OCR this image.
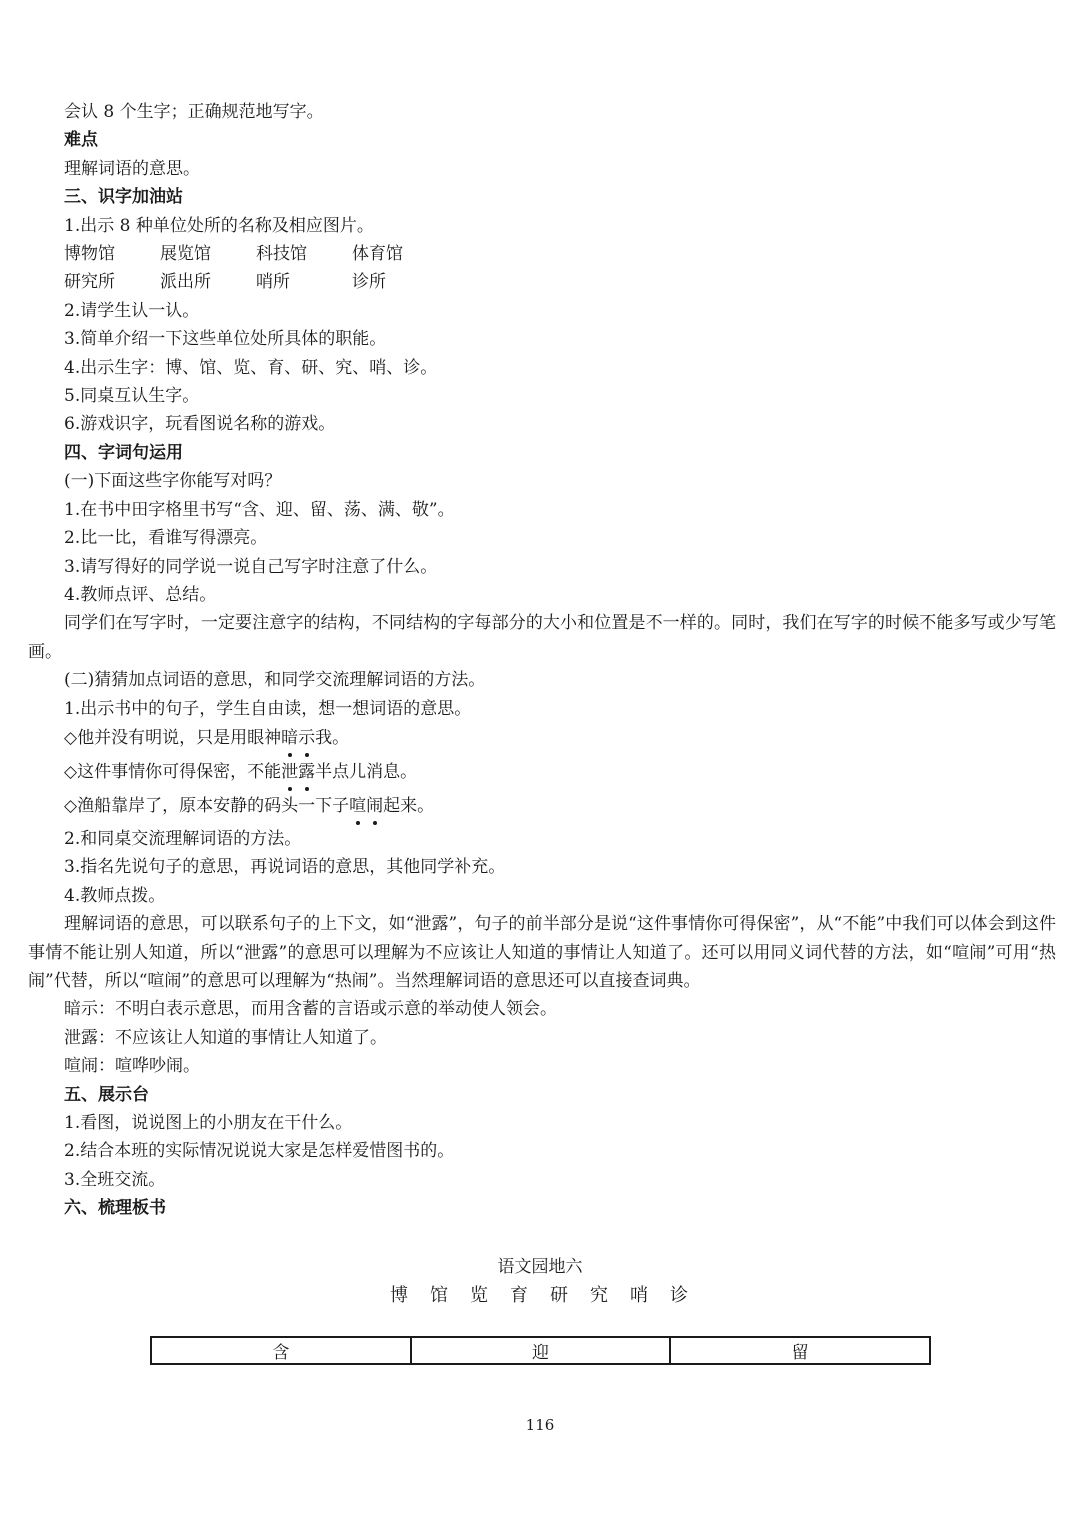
会认 8 个生字；正确规范地写字。
难点
理解词语的意思。
三、识字加油站
1.出示 8 种单位处所的名称及相应图片。
博物馆	展览馆	科技馆	体育馆
研究所	派出所	哨所	诊所
2.请学生认一认。
3.简单介绍一下这些单位处所具体的职能。
4.出示生字：博、馆、览、育、研、究、哨、诊。
5.同桌互认生字。
6.游戏识字，玩看图说名称的游戏。
四、字词句运用
(一)下面这些字你能写对吗？
1.在书中田字格里书写“含、迎、留、荡、满、敬”。
2.比一比，看谁写得漂亮。
3.请写得好的同学说一说自己写字时注意了什么。
4.教师点评、总结。
同学们在写字时，一定要注意字的结构，不同结构的字每部分的大小和位置是不一样的。同时，我们在写字的时候不能多写或少写笔画。
(二)猜猜加点词语的意思，和同学交流理解词语的方法。
1.出示书中的句子，学生自由读，想一想词语的意思。
◇他并没有明说，只是用眼神暗示我。
◇这件事情你可得保密，不能泄露半点儿消息。
◇渔船靠岸了，原本安静的码头一下子喧闹起来。
2.和同桌交流理解词语的方法。
3.指名先说句子的意思，再说词语的意思，其他同学补充。
4.教师点拨。
理解词语的意思，可以联系句子的上下文，如“泄露”，句子的前半部分是说“这件事情你可得保密”，从“不能”中我们可以体会到这件事情不能让别人知道，所以“泄露”的意思可以理解为不应该让人知道的事情让人知道了。还可以用同义词代替的方法，如“喧闹”可用“热闹”代替，所以“喧闹”的意思可以理解为“热闹”。当然理解词语的意思还可以直接查词典。
暗示：不明白表示意思，而用含蓄的言语或示意的举动使人领会。
泄露：不应该让人知道的事情让人知道了。
喧闹：喧哗吵闹。
五、展示台
1.看图，说说图上的小朋友在干什么。
2.结合本班的实际情况说说大家是怎样爱惜图书的。
3.全班交流。
六、梳理板书
语文园地六
博 馆 览 育 研 究 哨 诊
含	迎	留
116
